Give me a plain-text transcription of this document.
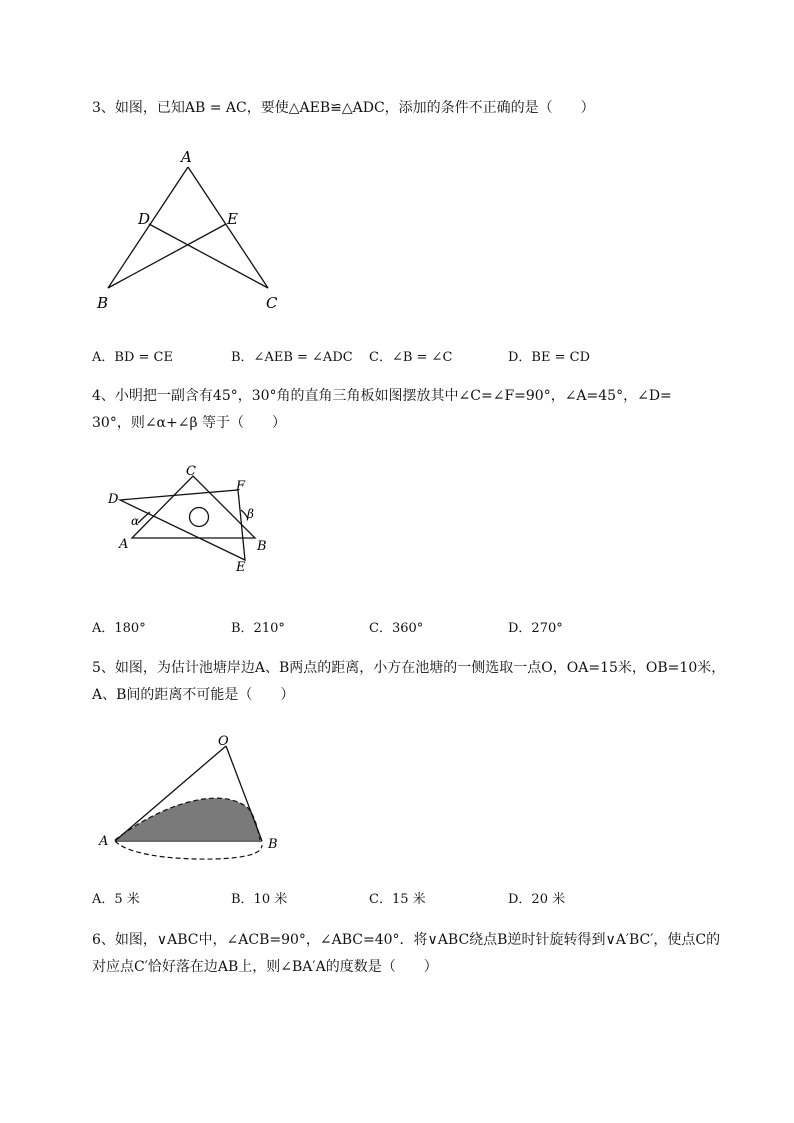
3、如图，已知AB = AC，要使△AEB≌△ADC，添加的条件不正确的是（　　）
A
D	E
B	C
A．BD = CE	B．∠AEB = ∠ADC C．∠B = ∠C	D．BE = CD
4、小明把一副含有45°，30°角的直角三角板如图摆放其中∠C=∠F=90°，∠A=45°，∠D=
30°，则∠α+∠β 等于（　　）
C
D
F
α	β
A	B
E
A．180°	B．210°	C．360°	D．270°
5、如图，为估计池塘岸边A、B两点的距离，小方在池塘的一侧选取一点O，OA=15米，OB=10米，
A、B间的距离不可能是（　　）
O
A	B
A．5 米	B．10 米	C．15 米	D．20 米
6、如图，∨ABC中，∠ACB=90°，∠ABC=40°．将∨ABC绕点B逆时针旋转得到∨A′BC′，使点C的
对应点C′恰好落在边AB上，则∠BA′A的度数是（　　）
